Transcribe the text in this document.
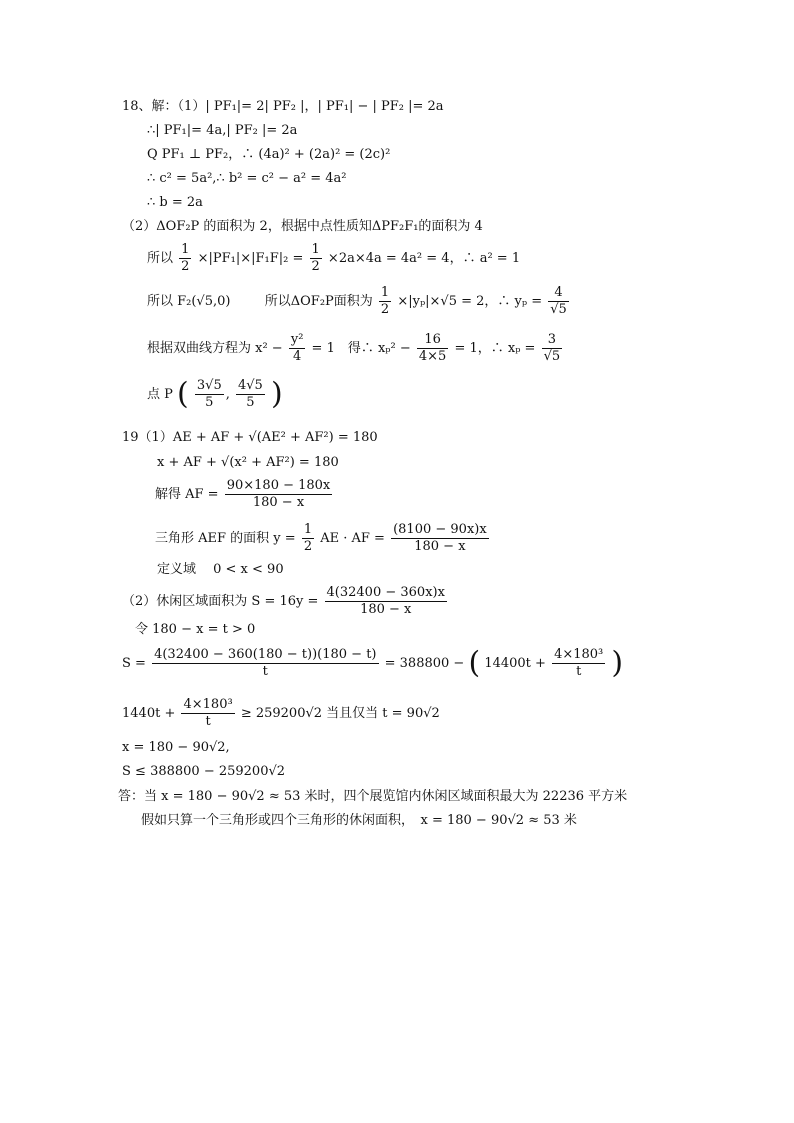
18、解：（1）| PF₁|= 2| PF₂ |，| PF₁| − | PF₂ |= 2a
∴| PF₁|= 4a,| PF₂ |= 2a
Q PF₁ ⊥ PF₂，∴ (4a)² + (2a)² = (2c)²
∴ c² = 5a²,∴ b² = c² − a² = 4a²
∴ b = 2a
（2）ΔOF₂P 的面积为 2，根据中点性质知ΔPF₂F₁的面积为 4
所以 $\frac{1}{2} \times|PF_1|\times|F_1F|_2 = \frac{1}{2} \times 2a\times 4a = 4a^2 = 4$，∴ a² = 1
所以 F₂(√5,0)	所以ΔOF₂P面积为 $\frac{1}{2} \times|y_p|\times√5 = 2$，∴ $y_p = \frac{4}{√5}$
根据双曲线方程为 $x^2 - \frac{\text{y²}}{4} = 1$　得∴ $x_p^2 - \frac{16}{4\times 5} = 1$，∴ $x_p = \frac{3}{√5}$
点 P ( $\frac{3√5}{5}$ , $\frac{4√5}{5}$ )
19（1）AE + AF + √(AE² + AF²) = 180
x + AF + √(x² + AF²) = 180
解得 AF = $\frac{90\times 180 - 180x}{180 - x}$
三角形 AEF 的面积 $y = \frac{1}{2}$ AE · AF = $\frac{(8100 - 90x)x}{180 - x}$
定义域　 0 < x < 90
（2）休闲区域面积为 $S = 16y = \frac{4(32400 - 360x)x}{180 - x}$
令 180 − x = t > 0
$S = \frac{4(32400 - 360(180 - t))(180 - t)}{t} = 388800$ − ( $14400t + \frac{\text{4×180³}}{t}$ )
$1440t + \frac{\text{4×180³}}{t} \ge 259200√2$ 当且仅当 t = 90√2
x = 180 − 90√2,
S ≤ 388800 − 259200√2
答：当 x = 180 − 90√2 ≈ 53 米时，四个展览馆内休闲区域面积最大为 22236 平方米
假如只算一个三角形或四个三角形的休闲面积，　x = 180 − 90√2 ≈ 53 米
